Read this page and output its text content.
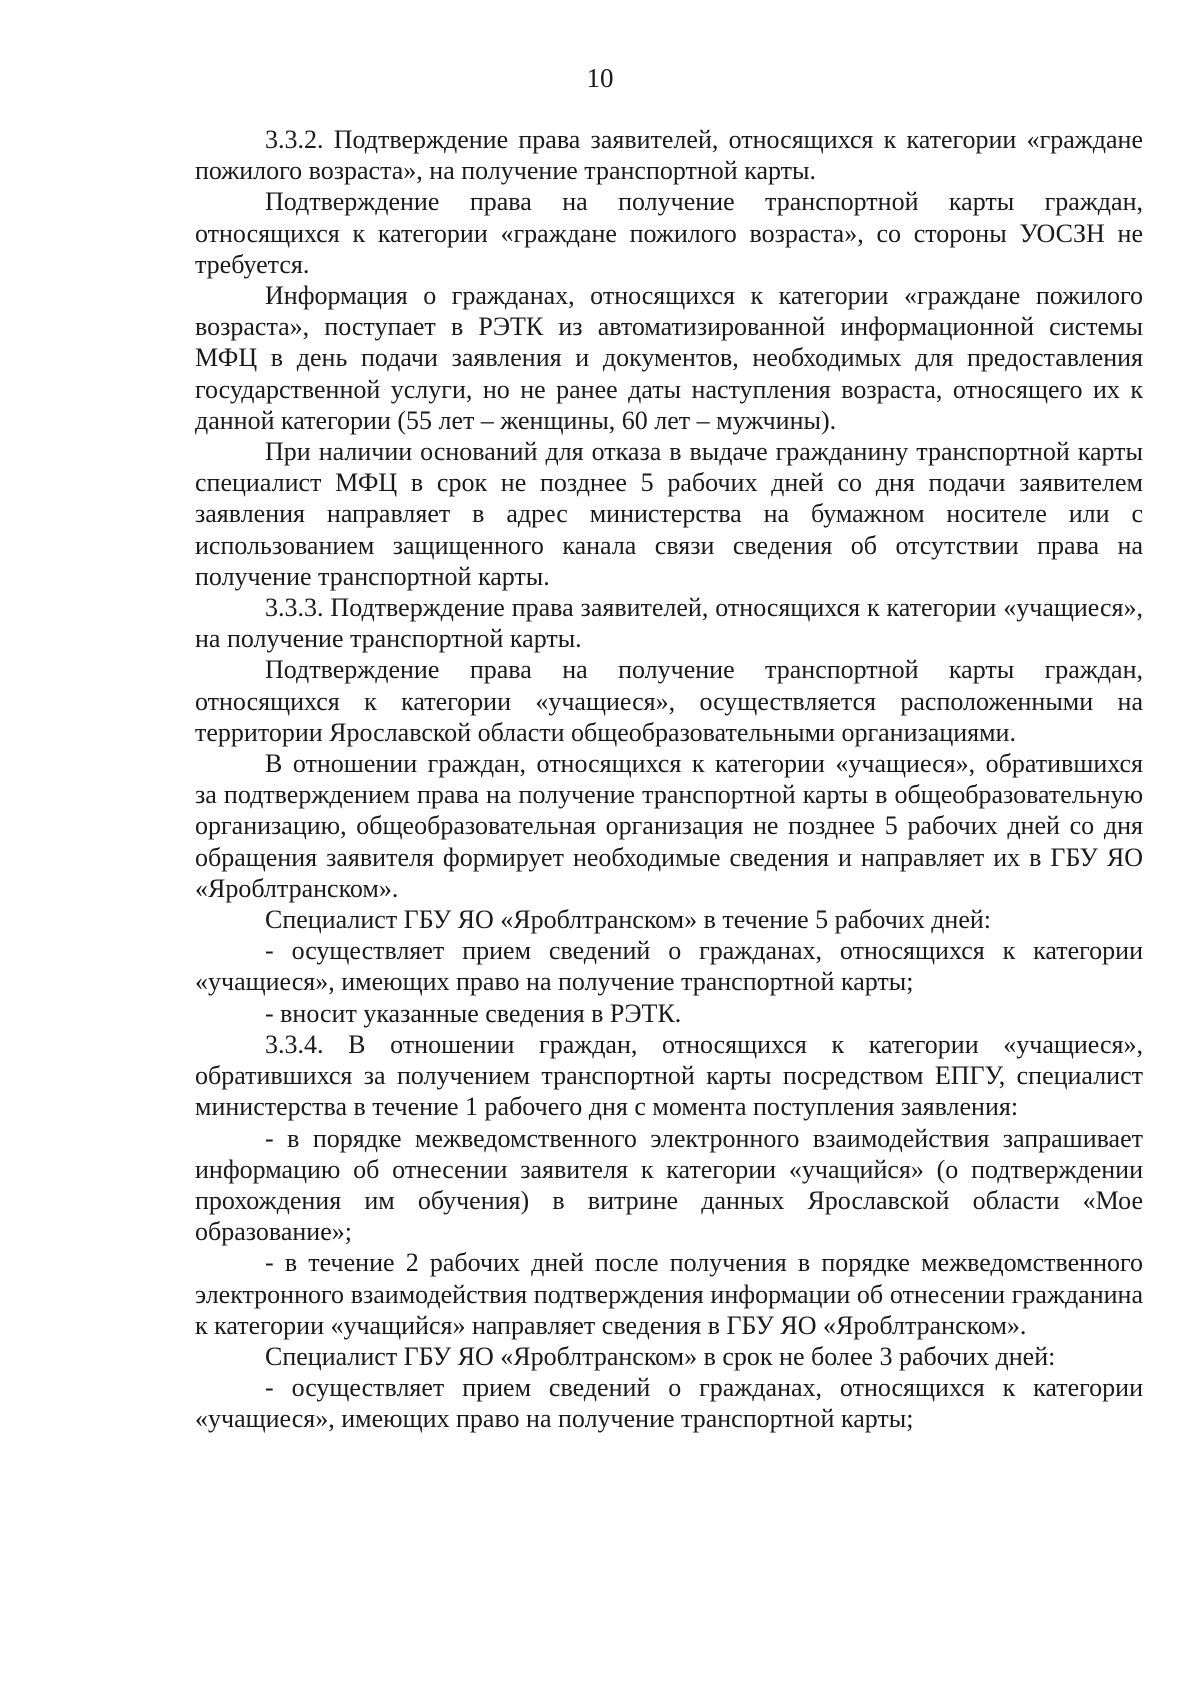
10

3.3.2. Подтверждение права заявителей, относящихся к категории «граждане пожилого возраста», на получение транспортной карты.

Подтверждение права на получение транспортной карты граждан, относящихся к категории «граждане пожилого возраста», со стороны УОСЗН не требуется.

Информация о гражданах, относящихся к категории «граждане пожилого возраста», поступает в РЭТК из автоматизированной информационной системы МФЦ в день подачи заявления и документов, необходимых для предоставления государственной услуги, но не ранее даты наступления возраста, относящего их к данной категории (55 лет – женщины, 60 лет – мужчины).

При наличии оснований для отказа в выдаче гражданину транспортной карты специалист МФЦ в срок не позднее 5 рабочих дней со дня подачи заявителем заявления направляет в адрес министерства на бумажном носителе или с использованием защищенного канала связи сведения об отсутствии права на получение транспортной карты.

3.3.3. Подтверждение права заявителей, относящихся к категории «учащиеся», на получение транспортной карты.

Подтверждение права на получение транспортной карты граждан, относящихся к категории «учащиеся», осуществляется расположенными на территории Ярославской области общеобразовательными организациями.

В отношении граждан, относящихся к категории «учащиеся», обратившихся за подтверждением права на получение транспортной карты в общеобразовательную организацию, общеобразовательная организация не позднее 5 рабочих дней со дня обращения заявителя формирует необходимые сведения и направляет их в ГБУ ЯО «Яроблтранском».

Специалист ГБУ ЯО «Яроблтранском» в течение 5 рабочих дней:

- осуществляет прием сведений о гражданах, относящихся к категории «учащиеся», имеющих право на получение транспортной карты;

- вносит указанные сведения в РЭТК.

3.3.4. В отношении граждан, относящихся к категории «учащиеся», обратившихся за получением транспортной карты посредством ЕПГУ, специалист министерства в течение 1 рабочего дня с момента поступления заявления:

- в порядке межведомственного электронного взаимодействия запрашивает информацию об отнесении заявителя к категории «учащийся» (о подтверждении прохождения им обучения) в витрине данных Ярославской области «Мое образование»;

- в течение 2 рабочих дней после получения в порядке межведомственного электронного взаимодействия подтверждения информации об отнесении гражданина к категории «учащийся» направляет сведения в ГБУ ЯО «Яроблтранском».

Специалист ГБУ ЯО «Яроблтранском» в срок не более 3 рабочих дней:

- осуществляет прием сведений о гражданах, относящихся к категории «учащиеся», имеющих право на получение транспортной карты;
